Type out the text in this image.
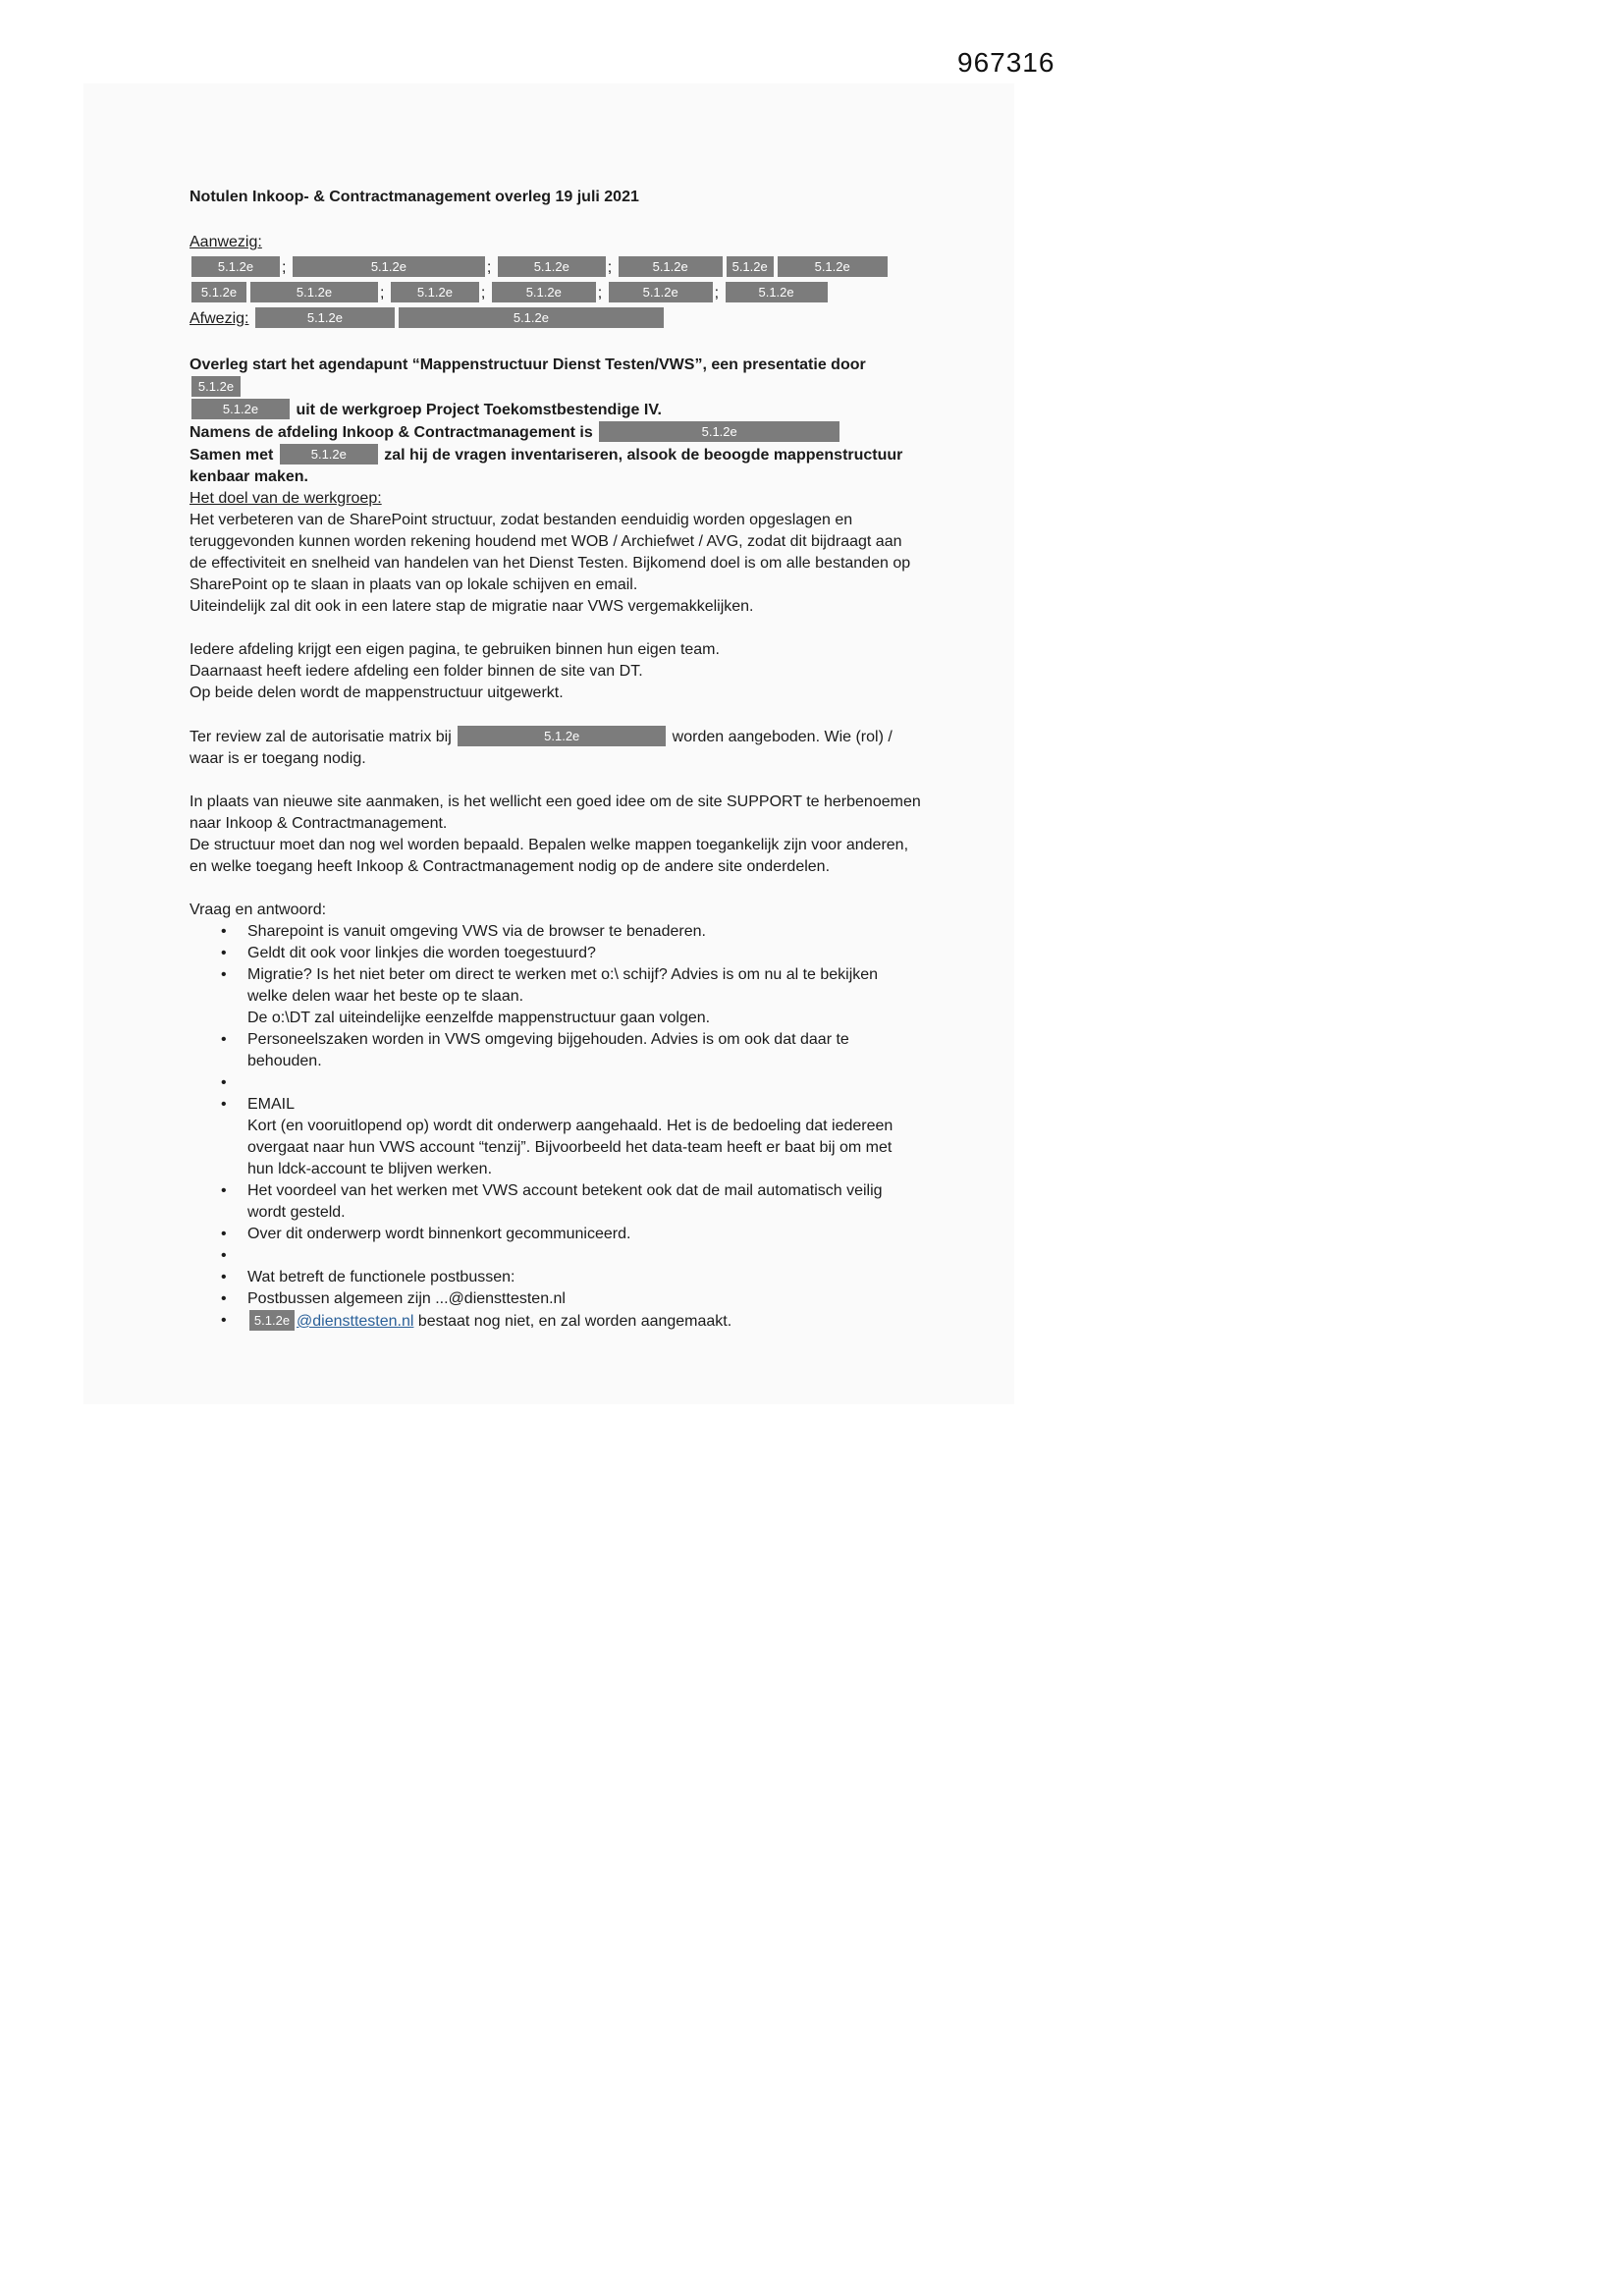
967316
Notulen Inkoop- & Contractmanagement overleg 19 juli 2021
Aanwezig:
5.1.2e ;	5.1.2e	;	5.1.2e ;	5.1.2e	5.1.2e	5.1.2e
5.1.2e	5.1.2e	; 5.1.2e ;	5.1.2e ;	5.1.2e ;	5.1.2e
Afwezig:	5.1.2e	5.1.2e
Overleg start het agendapunt “Mappenstructuur Dienst Testen/VWS”, een presentatie door 5.1.2e
5.1.2e uit de werkgroep Project Toekomstbestendige IV.
Namens de afdeling Inkoop & Contractmanagement is	5.1.2e
Samen met	5.1.2e zal hij de vragen inventariseren, alsook de beoogde mappenstructuur kenbaar maken.
Het doel van de werkgroep:
Het verbeteren van de SharePoint structuur, zodat bestanden eenduidig worden opgeslagen en teruggevonden kunnen worden rekening houdend met WOB / Archiefwet / AVG, zodat dit bijdraagt aan de effectiviteit en snelheid van handelen van het Dienst Testen. Bijkomend doel is om alle bestanden op SharePoint op te slaan in plaats van op lokale schijven en email.
Uiteindelijk zal dit ook in een latere stap de migratie naar VWS vergemakkelijken.
Iedere afdeling krijgt een eigen pagina, te gebruiken binnen hun eigen team.
Daarnaast heeft iedere afdeling een folder binnen de site van DT.
Op beide delen wordt de mappenstructuur uitgewerkt.
Ter review zal de autorisatie matrix bij	5.1.2e	worden aangeboden. Wie (rol) / waar is er toegang nodig.
In plaats van nieuwe site aanmaken, is het wellicht een goed idee om de site SUPPORT te herbenoemen naar Inkoop & Contractmanagement.
De structuur moet dan nog wel worden bepaald. Bepalen welke mappen toegankelijk zijn voor anderen, en welke toegang heeft Inkoop & Contractmanagement nodig op de andere site onderdelen.
Vraag en antwoord:
•	Sharepoint is vanuit omgeving VWS via de browser te benaderen.
•	Geldt dit ook voor linkjes die worden toegestuurd?
•	Migratie? Is het niet beter om direct te werken met o:\ schijf? Advies is om nu al te bekijken welke delen waar het beste op te slaan.
De o:\DT zal uiteindelijke eenzelfde mappenstructuur gaan volgen.
•	Personeelszaken worden in VWS omgeving bijgehouden. Advies is om ook dat daar te behouden.
•
•	EMAIL
Kort (en vooruitlopend op) wordt dit onderwerp aangehaald. Het is de bedoeling dat iedereen overgaat naar hun VWS account “tenzij”. Bijvoorbeeld het data-team heeft er baat bij om met hun ldck-account te blijven werken.
•	Het voordeel van het werken met VWS account betekent ook dat de mail automatisch veilig wordt gesteld.
•	Over dit onderwerp wordt binnenkort gecommuniceerd.
•
•	Wat betreft de functionele postbussen:
•	Postbussen algemeen zijn ...@diensttesten.nl
•	5.1.2e @diensttesten.nl bestaat nog niet, en zal worden aangemaakt.
